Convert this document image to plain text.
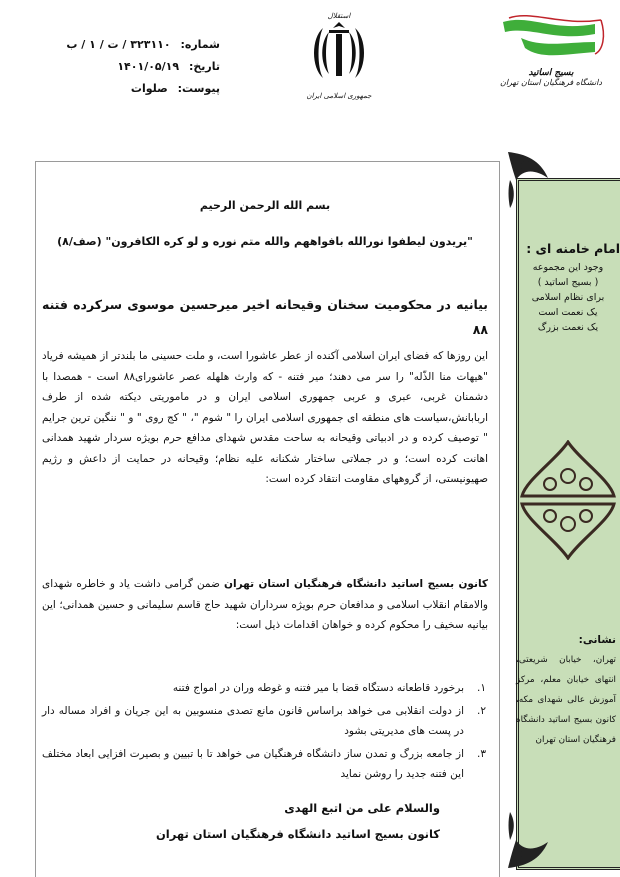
شماره: ۳۲۳۱۱۰ / ت / ۱ / ب
تاریخ: ۱۴۰۱/۰۵/۱۹
پیوست: صلوات
استقلال
جمهوری اسلامی ایران
بسیج اساتید
دانشگاه فرهنگیان استان تهران
بسم الله الرحمن الرحیم
"یریدون لیطفوا نورالله بافواههم والله متم نوره و لو کره الکافرون" (صف/۸)
بیانیه در محکومیت سخنان وقیحانه اخیر میرحسین موسوی سرکرده فتنه ۸۸
این روزها که فضای ایران اسلامی آکنده از عطر عاشورا است، و ملت حسینی ما بلندتر از همیشه فریاد "هیهات منا الذّله" را سر می دهند؛ میر فتنه - که وارث هلهله عصر عاشورای۸۸ است - همصدا با دشمنان غربی، عبری و عربی جمهوری اسلامی ایران و در ماموریتی دیکته شده از طرف اربابانش،سیاست های منطقه ای جمهوری اسلامی ایران را " شوم "، " کج روی " و " ننگین ترین جرایم " توصیف کرده و در ادبیاتی وقیحانه به ساحت مقدس شهدای مدافع حرم بویژه سردار شهید همدانی اهانت کرده است؛ و در جملاتی ساختار شکنانه علیه نظام؛ وقیحانه در حمایت از داعش و رژیم صهیونیستی، از گروههای مقاومت انتقاد کرده است:
کانون بسیج اساتید دانشگاه فرهنگیان استان تهران ضمن گرامی داشت یاد و خاطره شهدای والامقام انقلاب اسلامی و مدافعان حرم بویژه سرداران شهید حاج قاسم سلیمانی و حسین همدانی؛ این بیانیه سخیف را محکوم کرده و خواهان اقدامات ذیل است:
۱.
برخورد قاطعانه دستگاه قضا با میر فتنه و غوطه وران در امواج فتنه
۲.
از دولت انقلابی می خواهد براساس قانون مانع تصدی منسوبین به این جریان و افراد مساله دار در پست های مدیریتی بشود
۳.
از جامعه بزرگ و تمدن ساز دانشگاه فرهنگیان می خواهد تا با تبیین و بصیرت افزایی ابعاد مختلف این فتنه جدید را روشن نماید
والسلام علی من اتبع الهدی
کانون بسیج اساتید دانشگاه فرهنگیان استان تهران
امام خامنه ای :
وجود این مجموعه
( بسیج اساتید )
برای نظام اسلامی
یک نعمت است
یک نعمت بزرگ
نشانی:
تهران، خیابان شریعتی، انتهای خیابان معلم، مرکز آموزش عالی شهدای مکه، کانون بسیج اساتید دانشگاه فرهنگیان استان تهران
